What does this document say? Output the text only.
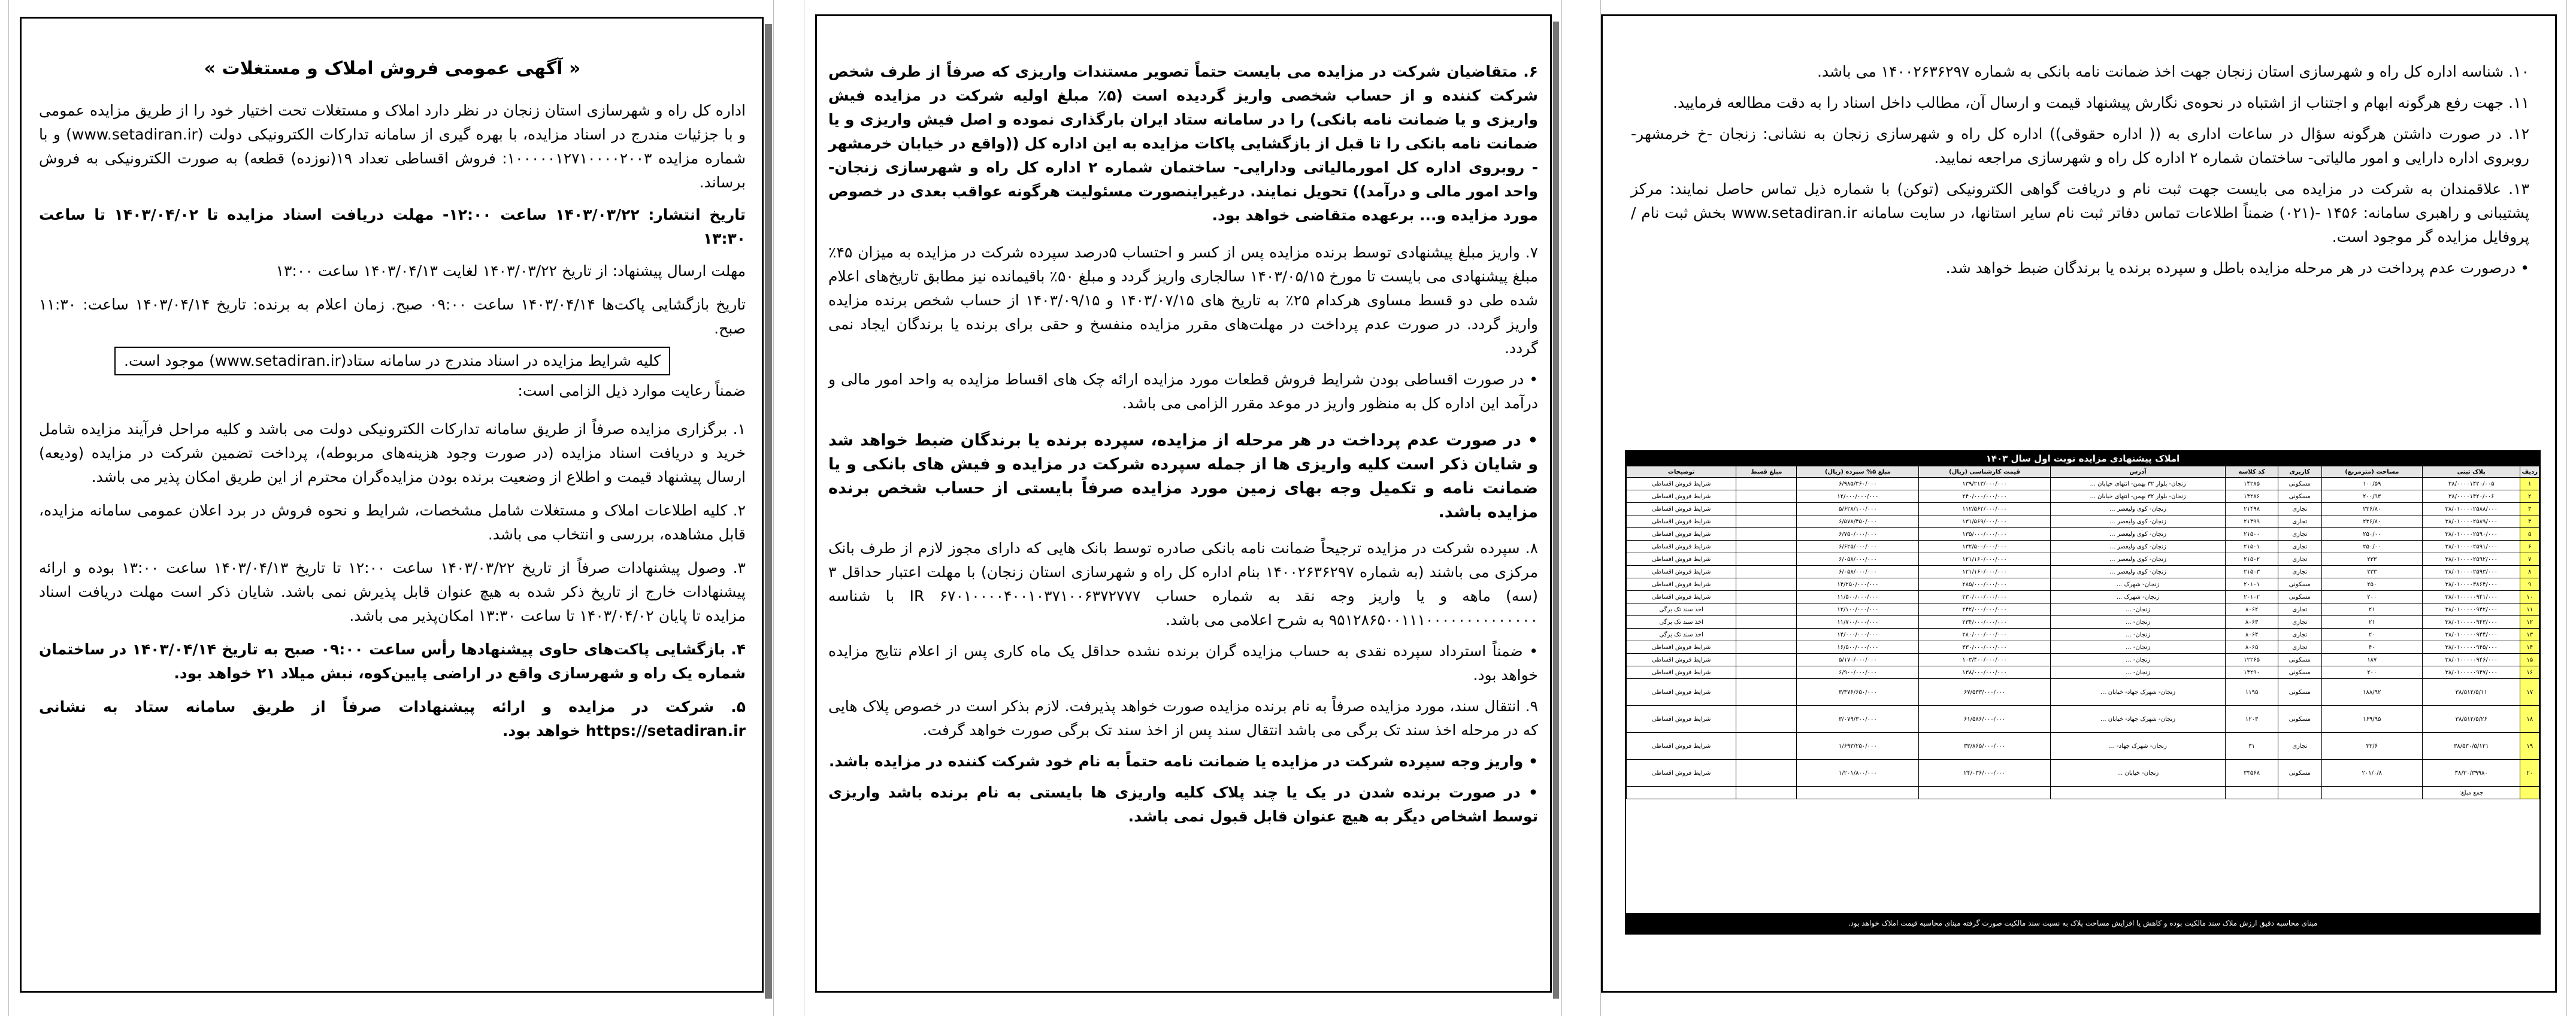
« آگهی عمومی فروش املاک و مستغلات »
اداره کل راه و شهرسازی استان زنجان در نظر دارد املاک و مستغلات تحت اختیار خود را از طریق مزایده عمومی و با جزئیات مندرج در اسناد مزایده، با بهره گیری از سامانه تدارکات الکترونیکی دولت (www.setadiran.ir) و با شماره مزایده ۱۰۰۰۰۰۱۲۷۱۰۰۰۰۲۰۰۳: فروش اقساطی تعداد ۱۹(نوزده) قطعه) به صورت الکترونیکی به فروش برساند.
تاریخ انتشار: ۱۴۰۳/۰۳/۲۲ ساعت ۱۲:۰۰- مهلت دریافت اسناد مزایده تا ۱۴۰۳/۰۴/۰۲ تا ساعت ۱۳:۳۰
مهلت ارسال پیشنهاد: از تاریخ ۱۴۰۳/۰۳/۲۲ لغایت ۱۴۰۳/۰۴/۱۳ ساعت ۱۳:۰۰
تاریخ بازگشایی پاکت‌ها ۱۴۰۳/۰۴/۱۴ ساعت ۰۹:۰۰ صبح. زمان اعلام به برنده: تاریخ ۱۴۰۳/۰۴/۱۴ ساعت: ۱۱:۳۰ صبح.
کلیه شرایط مزایده در اسناد مندرج در سامانه ستاد(www.setadiran.ir) موجود است.
ضمناً رعایت موارد ذیل الزامی است:
۱. برگزاری مزایده صرفاً از طریق سامانه تدارکات الکترونیکی دولت می باشد و کلیه مراحل فرآیند مزایده شامل خرید و دریافت اسناد مزایده (در صورت وجود هزینه‌های مربوطه)، پرداخت تضمین شرکت در مزایده (ودیعه) ارسال پیشنهاد قیمت و اطلاع از وضعیت برنده بودن مزایده‌گران محترم از این طریق امکان پذیر می باشد.
۲. کلیه اطلاعات املاک و مستغلات شامل مشخصات، شرایط و نحوه فروش در برد اعلان عمومی سامانه مزایده، قابل مشاهده، بررسی و انتخاب می باشد.
۳. وصول پیشنهادات صرفاً از تاریخ ۱۴۰۳/۰۳/۲۲ ساعت ۱۲:۰۰ تا تاریخ ۱۴۰۳/۰۴/۱۳ ساعت ۱۳:۰۰ بوده و ارائه پیشنهادات خارج از تاریخ ذکر شده به هیچ عنوان قابل پذیرش نمی باشد. شایان ذکر است مهلت دریافت اسناد مزایده تا پایان ۱۴۰۳/۰۴/۰۲ تا ساعت ۱۳:۳۰ امکان‌پذیر می باشد.
۴. بازگشایی پاکت‌های حاوی پیشنهادها رأس ساعت ۰۹:۰۰ صبح به تاریخ ۱۴۰۳/۰۴/۱۴ در ساختمان شماره یک راه و شهرسازی واقع در اراضی پایین‌کوه، نبش میلاد ۲۱ خواهد بود.
۵. شرکت در مزایده و ارائه پیشنهادات صرفاً از طریق سامانه ستاد به نشانی https://setadiran.ir خواهد بود.
۶. متقاضیان شرکت در مزایده می بایست حتماً تصویر مستندات واریزی که صرفاً از طرف شخص شرکت کننده و از حساب شخصی واریز گردیده است (۵٪ مبلغ اولیه شرکت در مزایده فیش واریزی و یا ضمانت نامه بانکی) را در سامانه ستاد ایران بارگذاری نموده و اصل فیش واریزی و یا ضمانت نامه بانکی را تا قبل از بازگشایی پاکات مزایده به این اداره کل ((واقع در خیابان خرمشهر - روبروی اداره کل امورمالیاتی ودارایی- ساختمان شماره ۲ اداره کل راه و شهرسازی زنجان- واحد امور مالی و درآمد)) تحویل نمایند. درغیراینصورت مسئولیت هرگونه عواقب بعدی در خصوص مورد مزایده و... برعهده متقاضی خواهد بود.
۷. واریز مبلغ پیشنهادی توسط برنده مزایده پس از کسر و احتساب ۵درصد سپرده شرکت در مزایده به میزان ۴۵٪ مبلغ پیشنهادی می بایست تا مورخ ۱۴۰۳/۰۵/۱۵ سالجاری واریز گردد و مبلغ ۵۰٪ باقیمانده نیز مطابق تاریخ‌های اعلام شده طی دو قسط مساوی هرکدام ۲۵٪ به تاریخ های ۱۴۰۳/۰۷/۱۵ و ۱۴۰۳/۰۹/۱۵ از حساب شخص برنده مزایده واریز گردد. در صورت عدم پرداخت در مهلت‌های مقرر مزایده منفسخ و حقی برای برنده یا برندگان ایجاد نمی گردد.
• در صورت اقساطی بودن شرایط فروش قطعات مورد مزایده ارائه چک های اقساط مزایده به واحد امور مالی و درآمد این اداره کل به منظور واریز در موعد مقرر الزامی می باشد.
• در صورت عدم پرداخت در هر مرحله از مزایده، سپرده برنده یا برندگان ضبط خواهد شد و شایان ذکر است کلیه واریزی ها از جمله سپرده شرکت در مزایده و فیش های بانکی و یا ضمانت نامه و تکمیل وجه بهای زمین مورد مزایده صرفاً بایستی از حساب شخص برنده مزایده باشد.
۸. سپرده شرکت در مزایده ترجیحاً ضمانت نامه بانکی صادره توسط بانک هایی که دارای مجوز لازم از طرف بانک مرکزی می باشند (به شماره ۱۴۰۰۲۶۳۶۲۹۷ بنام اداره کل راه و شهرسازی استان زنجان) با مهلت اعتبار حداقل ۳ (سه) ماهه و یا واریز وجه نقد به شماره حساب IR ۶۷۰۱۰۰۰۰۴۰۰۱۰۳۷۱۰۰۶۳۷۲۷۷۷ با شناسه ۹۵۱۲۸۶۵۰۰۱۱۱۰۰۰۰۰۰۰۰۰۰۰۰۰۰ به شرح اعلامی می باشد.
• ضمناً استرداد سپرده نقدی به حساب مزایده گران برنده نشده حداقل یک ماه کاری پس از اعلام نتایج مزایده خواهد بود.
۹. انتقال سند، مورد مزایده صرفاً به نام برنده مزایده صورت خواهد پذیرفت. لازم بذکر است در خصوص پلاک هایی که در مرحله اخذ سند تک برگی می باشد انتقال سند پس از اخذ سند تک برگی صورت خواهد گرفت.
• واریز وجه سپرده شرکت در مزایده یا ضمانت نامه حتماً به نام خود شرکت کننده در مزایده باشد.
• در صورت برنده شدن در یک یا چند پلاک کلیه واریزی ها بایستی به نام برنده باشد واریزی توسط اشخاص دیگر به هیچ عنوان قابل قبول نمی باشد.
۱۰. شناسه اداره کل راه و شهرسازی استان زنجان جهت اخذ ضمانت نامه بانکی به شماره ۱۴۰۰۲۶۳۶۲۹۷ می باشد.
۱۱. جهت رفع هرگونه ابهام و اجتناب از اشتباه در نحوه‌ی نگارش پیشنهاد قیمت و ارسال آن، مطالب داخل اسناد را به دقت مطالعه فرمایید.
۱۲. در صورت داشتن هرگونه سؤال در ساعات اداری به (( اداره حقوقی)) اداره کل راه و شهرسازی زنجان به نشانی: زنجان -خ خرمشهر- روبروی اداره دارایی و امور مالیاتی- ساختمان شماره ۲ اداره کل راه و شهرسازی مراجعه نمایید.
۱۳. علاقمندان به شرکت در مزایده می بایست جهت ثبت نام و دریافت گواهی الکترونیکی (توکن) با شماره ذیل تماس حاصل نمایند: مرکز پشتیبانی و راهبری سامانه: ۱۴۵۶ -(۰۲۱) ضمناً اطلاعات تماس دفاتر ثبت نام سایر استانها، در سایت سامانه www.setadiran.ir بخش ثبت نام / پروفایل مزایده گر موجود است.
• درصورت عدم پرداخت در هر مرحله مزایده باطل و سپرده برنده یا برندگان ضبط خواهد شد.
املاک پیشنهادی مزایده نوبت اول سال ۱۴۰۳
ردیف	پلاک ثبتی	مساحت (مترمربع)	کاربری	کد کلاسه	آدرس	قیمت کارشناسی (ریال)	مبلغ ۵% سپرده (ریال)	مبلغ قسط	توضیحات
۱	۳۸/۰۰۰۰۱۴۲۰/۰۰۵	۱۰۰/۵۹	مسکونی	۱۴۲۸۵	زنجان- بلوار ۳۲ بهمن- انتهای خیابان ...	۱۳۹/۲۱۳/۰۰۰/۰۰۰	۶/۹۸۵/۳۶۰/۰۰۰		شرایط فروش اقساطی
۲	۳۸/۰۰۰۰۱۴۲۰/۰۰۶	۲۰۰/۹۳	مسکونی	۱۴۲۸۶	زنجان- بلوار ۳۲ بهمن- انتهای خیابان ...	۲۴۰/۰۰۰/۰۰۰/۰۰۰	۱۲/۰۰۰/۰۰۰/۰۰۰		شرایط فروش اقساطی
۳	۳۸/۰۱۰۰۰۰۲۵۸۸/۰۰۰	۲۳۶/۸۰	تجاری	۲۱۴۹۸	زنجان- کوی ولیعصر ...	۱۱۲/۵۶۲/۰۰۰/۰۰۰	۵/۶۲۸/۱۰۰/۰۰۰		شرایط فروش اقساطی
۴	۳۸/۰۱۰۰۰۰۲۵۸۹/۰۰۰	۲۳۶/۸۰	تجاری	۲۱۴۹۹	زنجان- کوی ولیعصر ...	۱۳۱/۵۶۹/۰۰۰/۰۰۰	۶/۵۷۸/۴۵۰/۰۰۰		شرایط فروش اقساطی
۵	۳۸/۰۱۰۰۰۰۲۵۹۰/۰۰۰	۲۵۰/۰۰	تجاری	۲۱۵۰۰	زنجان- کوی ولیعصر ...	۱۳۵/۰۰۰/۰۰۰/۰۰۰	۶/۷۵۰/۰۰۰/۰۰۰		شرایط فروش اقساطی
۶	۳۸/۰۱۰۰۰۰۲۵۹۱/۰۰۰	۲۵۰/۰۰	تجاری	۲۱۵۰۱	زنجان- کوی ولیعصر ...	۱۳۲/۵۰۰/۰۰۰/۰۰۰	۶/۶۲۵/۰۰۰/۰۰۰		شرایط فروش اقساطی
۷	۳۸/۰۱۰۰۰۰۲۵۹۲/۰۰۰	۲۳۳	تجاری	۲۱۵۰۲	زنجان- کوی ولیعصر ...	۱۲۱/۱۶۰/۰۰۰/۰۰۰	۶/۰۵۸/۰۰۰/۰۰۰		شرایط فروش اقساطی
۸	۳۸/۰۱۰۰۰۰۲۵۹۳/۰۰۰	۲۳۳	تجاری	۲۱۵۰۳	زنجان- کوی ولیعصر ...	۱۲۱/۱۶۰/۰۰۰/۰۰۰	۶/۰۵۸/۰۰۰/۰۰۰		شرایط فروش اقساطی
۹	۳۸/۰۱۰۰۰۰۳۸۶۴/۰۰۰	۲۵۰	مسکونی	۲۰۱۰۱	زنجان- شهرک ...	۲۸۵/۰۰۰/۰۰۰/۰۰۰	۱۴/۲۵۰/۰۰۰/۰۰۰		شرایط فروش اقساطی
۱۰	۳۸/۰۱۰۰۰۰۰۹۴۱/۰۰۰	۲۰۰	مسکونی	۲۰۱۰۲	زنجان- شهرک ...	۲۳۰/۰۰۰/۰۰۰/۰۰۰	۱۱/۵۰۰/۰۰۰/۰۰۰		شرایط فروش اقساطی
۱۱	۳۸/۰۱۰۰۰۰۰۹۴۲/۰۰۰	۲۱	تجاری	۸۰۶۲	زنجان- ...	۲۴۲/۰۰۰/۰۰۰/۰۰۰	۱۲/۱۰۰/۰۰۰/۰۰۰		اخذ سند تک برگی
۱۲	۳۸/۰۱۰۰۰۰۰۹۴۳/۰۰۰	۲۱	تجاری	۸۰۶۳	زنجان- ...	۲۳۴/۰۰۰/۰۰۰/۰۰۰	۱۱/۷۰۰/۰۰۰/۰۰۰		اخذ سند تک برگی
۱۳	۳۸/۰۱۰۰۰۰۰۹۴۴/۰۰۰	۲۰	تجاری	۸۰۶۴	زنجان- ...	۲۸۰/۰۰۰/۰۰۰/۰۰۰	۱۴/۰۰۰/۰۰۰/۰۰۰		اخذ سند تک برگی
۱۴	۳۸/۰۱۰۰۰۰۰۹۴۵/۰۰۰	۴۰	تجاری	۸۰۶۵	زنجان- ...	۳۳۰/۰۰۰/۰۰۰/۰۰۰	۱۶/۵۰۰/۰۰۰/۰۰۰		شرایط فروش اقساطی
۱۵	۳۸/۰۱۰۰۰۰۰۹۴۶/۰۰۰	۱۸۷	مسکونی	۱۲۲۶۵	زنجان- ...	۱۰۳/۴۰۰/۰۰۰/۰۰۰	۵/۱۷۰/۰۰۰/۰۰۰		شرایط فروش اقساطی
۱۶	۳۸/۰۱۰۰۰۰۰۹۴۷/۰۰۰	۲۰۰	مسکونی	۱۴۲۹۰	زنجان- ...	۱۳۸/۰۰۰/۰۰۰/۰۰۰	۶/۹۰۰/۰۰۰/۰۰۰		شرایط فروش اقساطی
۱۷	۳۸/۵۱۲/۵/۱۱	۱۸۸/۹۲	مسکونی	۱۱۹۵	زنجان- شهرک جهاد- خیابان ...	۶۷/۵۳۳/۰۰۰/۰۰۰	۳/۳۷۶/۶۵۰/۰۰۰		شرایط فروش اقساطی
۱۸	۳۸/۵۱۲/۵/۲۶	۱۶۹/۹۵	مسکونی	۱۲۰۳	زنجان- شهرک جهاد- خیابان ...	۶۱/۵۸۶/۰۰۰/۰۰۰	۳/۰۷۹/۳۰۰/۰۰۰		شرایط فروش اقساطی
۱۹	۳۸/۵۳۰/۵/۱۲۱	۳۲/۶	تجاری	۳۱	زنجان- شهرک جهاد- ...	۳۳/۸۶۵/۰۰۰/۰۰۰	۱/۶۹۳/۲۵۰/۰۰۰		شرایط فروش اقساطی
۲۰	۳۸/۳۰/۳۹۹۸۰	۲۰۱/۰/۸	مسکونی	۳۳۵۶۸	زنجان- خیابان ...	۲۴/۰۳۶/۰۰۰/۰۰۰	۱/۲۰۱/۸۰۰/۰۰۰		شرایط فروش اقساطی
	جمع مبلغ:								
مبنای محاسبه دقیق ارزش ملاک سند مالکیت بوده و کاهش یا افزایش مساحت پلاک به نسبت سند مالکیت صورت گرفته مبنای محاسبه قیمت املاک خواهد بود.
